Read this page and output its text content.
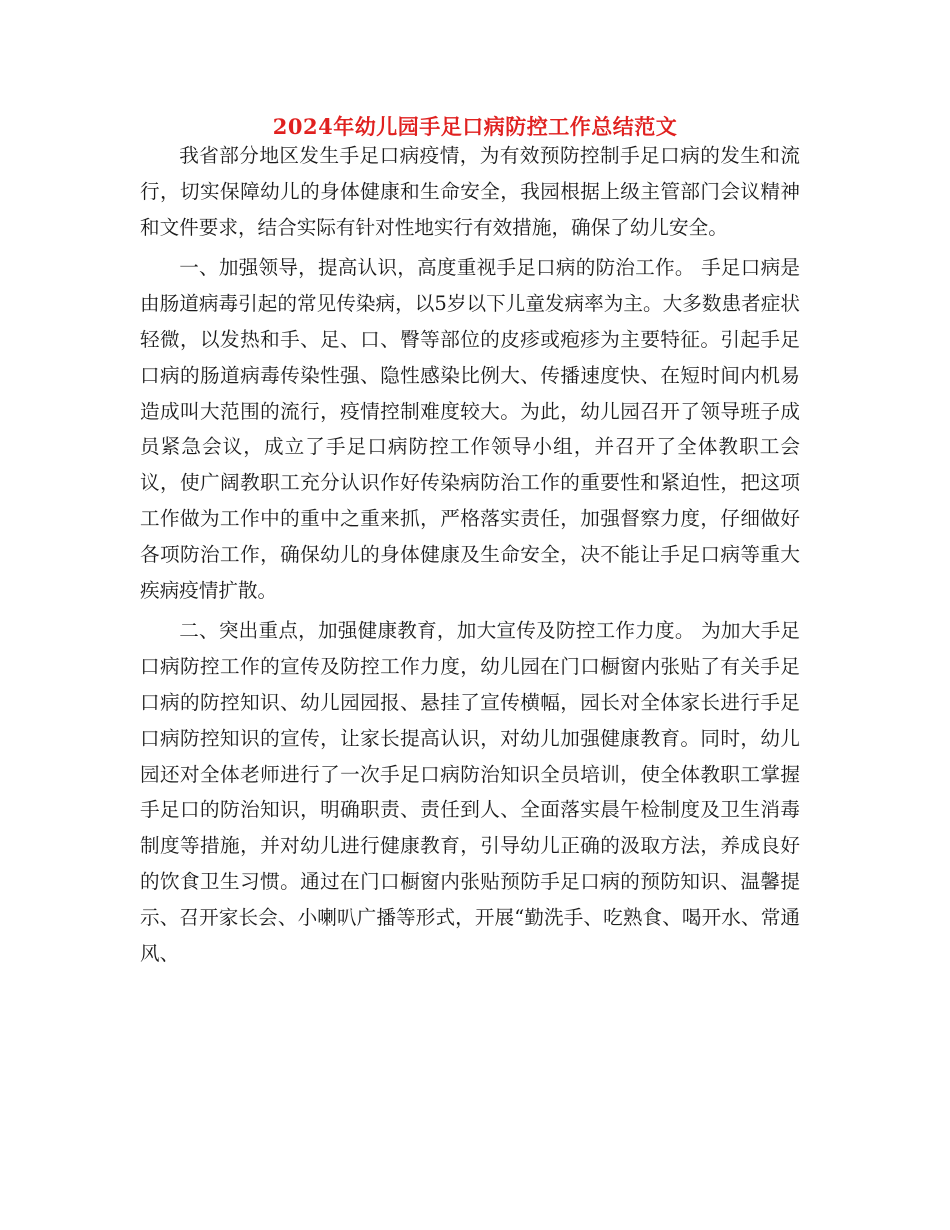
2024年幼儿园手足口病防控工作总结范文

我省部分地区发生手足口病疫情，为有效预防控制手足口病的发生和流行，切实保障幼儿的身体健康和生命安全，我园根据上级主管部门会议精神和文件要求，结合实际有针对性地实行有效措施，确保了幼儿安全。

一、加强领导，提高认识，高度重视手足口病的防治工作。 手足口病是由肠道病毒引起的常见传染病，以5岁以下儿童发病率为主。大多数患者症状轻微，以发热和手、足、口、臀等部位的皮疹或疱疹为主要特征。引起手足口病的肠道病毒传染性强、隐性感染比例大、传播速度快、在短时间内机易造成叫大范围的流行，疫情控制难度较大。为此，幼儿园召开了领导班子成员紧急会议，成立了手足口病防控工作领导小组，并召开了全体教职工会议，使广阔教职工充分认识作好传染病防治工作的重要性和紧迫性，把这项工作做为工作中的重中之重来抓，严格落实责任，加强督察力度，仔细做好各项防治工作，确保幼儿的身体健康及生命安全，决不能让手足口病等重大疾病疫情扩散。

二、突出重点，加强健康教育，加大宣传及防控工作力度。 为加大手足口病防控工作的宣传及防控工作力度，幼儿园在门口橱窗内张贴了有关手足口病的防控知识、幼儿园园报、悬挂了宣传横幅，园长对全体家长进行手足口病防控知识的宣传，让家长提高认识，对幼儿加强健康教育。同时，幼儿园还对全体老师进行了一次手足口病防治知识全员培训，使全体教职工掌握手足口的防治知识，明确职责、责任到人、全面落实晨午检制度及卫生消毒制度等措施，并对幼儿进行健康教育，引导幼儿正确的汲取方法，养成良好的饮食卫生习惯。通过在门口橱窗内张贴预防手足口病的预防知识、温馨提示、召开家长会、小喇叭广播等形式，开展“勤洗手、吃熟食、喝开水、常通风、
